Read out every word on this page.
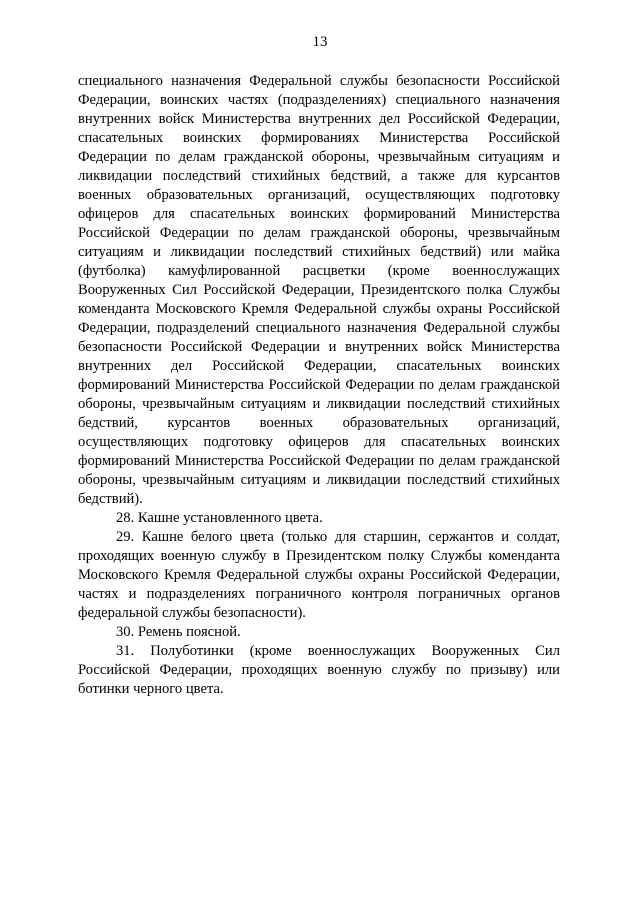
13

специального назначения Федеральной службы безопасности Российской Федерации, воинских частях (подразделениях) специального назначения внутренних войск Министерства внутренних дел Российской Федерации, спасательных воинских формированиях Министерства Российской Федерации по делам гражданской обороны, чрезвычайным ситуациям и ликвидации последствий стихийных бедствий, а также для курсантов военных образовательных организаций, осуществляющих подготовку офицеров для спасательных воинских формирований Министерства Российской Федерации по делам гражданской обороны, чрезвычайным ситуациям и ликвидации последствий стихийных бедствий) или майка (футболка) камуфлированной расцветки (кроме военнослужащих Вооруженных Сил Российской Федерации, Президентского полка Службы коменданта Московского Кремля Федеральной службы охраны Российской Федерации, подразделений специального назначения Федеральной службы безопасности Российской Федерации и внутренних войск Министерства внутренних дел Российской Федерации, спасательных воинских формирований Министерства Российской Федерации по делам гражданской обороны, чрезвычайным ситуациям и ликвидации последствий стихийных бедствий, курсантов военных образовательных организаций, осуществляющих подготовку офицеров для спасательных воинских формирований Министерства Российской Федерации по делам гражданской обороны, чрезвычайным ситуациям и ликвидации последствий стихийных бедствий).

28. Кашне установленного цвета.

29. Кашне белого цвета (только для старшин, сержантов и солдат, проходящих военную службу в Президентском полку Службы коменданта Московского Кремля Федеральной службы охраны Российской Федерации, частях и подразделениях пограничного контроля пограничных органов федеральной службы безопасности).

30. Ремень поясной.

31. Полуботинки (кроме военнослужащих Вооруженных Сил Российской Федерации, проходящих военную службу по призыву) или ботинки черного цвета.
